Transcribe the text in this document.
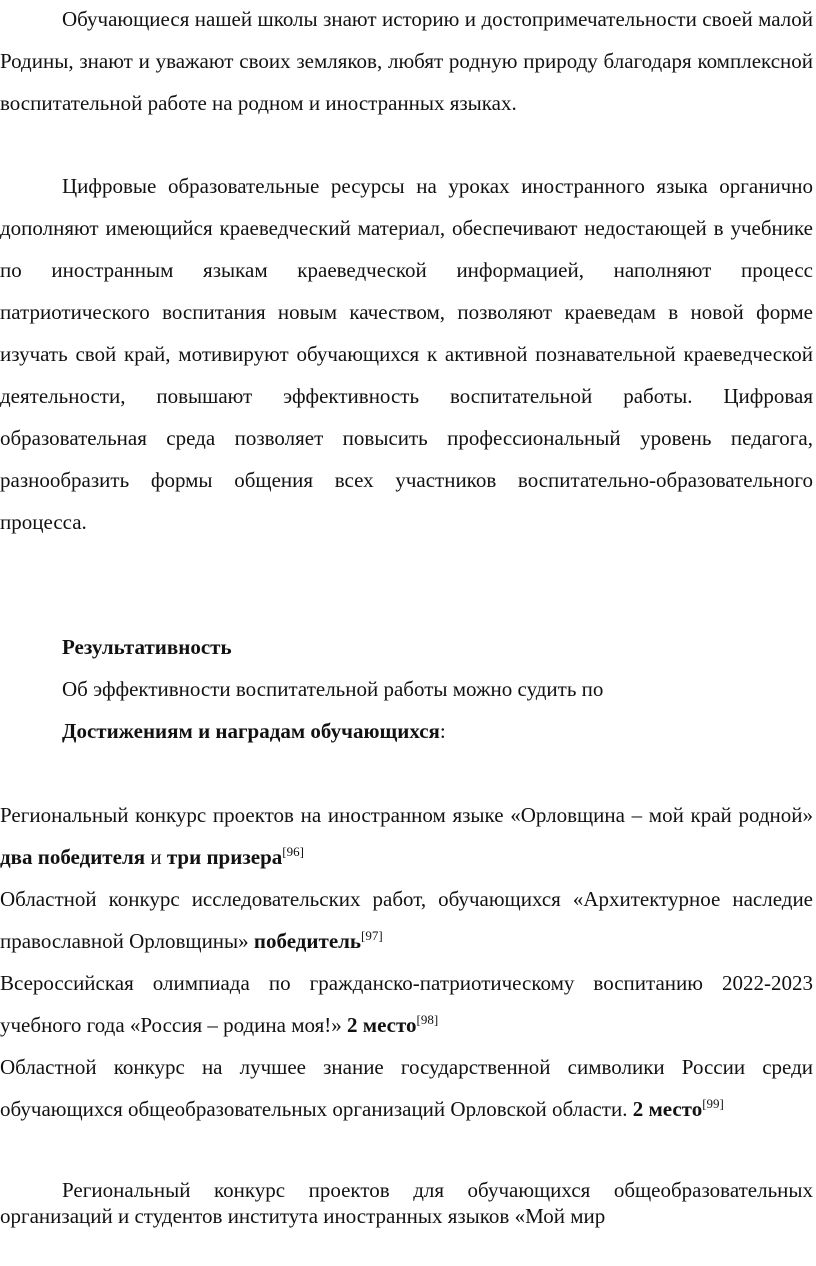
Обучающиеся нашей школы знают историю и достопримечательности своей малой Родины, знают и уважают своих земляков, любят родную природу благодаря комплексной воспитательной работе на родном и иностранных языках.

Цифровые образовательные ресурсы на уроках иностранного языка органично дополняют имеющийся краеведческий материал, обеспечивают недостающей в учебнике по иностранным языкам краеведческой информацией, наполняют процесс патриотического воспитания новым качеством, позволяют краеведам в новой форме изучать свой край, мотивируют обучающихся к активной познавательной краеведческой деятельности, повышают эффективность воспитательной работы. Цифровая образовательная среда позволяет повысить профессиональный уровень педагога, разнообразить формы общения всех участников воспитательно-образовательного процесса.

Результативность

Об эффективности воспитательной работы можно судить по

Достижениям и наградам обучающихся:

Региональный конкурс проектов на иностранном языке «Орловщина – мой край родной» два победителя и три призера[96]

Областной конкурс исследовательских работ, обучающихся «Архитектурное наследие православной Орловщины» победитель[97]

Всероссийская олимпиада по гражданско-патриотическому воспитанию 2022-2023 учебного года «Россия – родина моя!» 2 место[98]

Областной конкурс на лучшее знание государственной символики России среди обучающихся общеобразовательных организаций Орловской области. 2 место[99]

Региональный конкурс проектов для обучающихся общеобразовательных организаций и студентов института иностранных языков «Мой мир
